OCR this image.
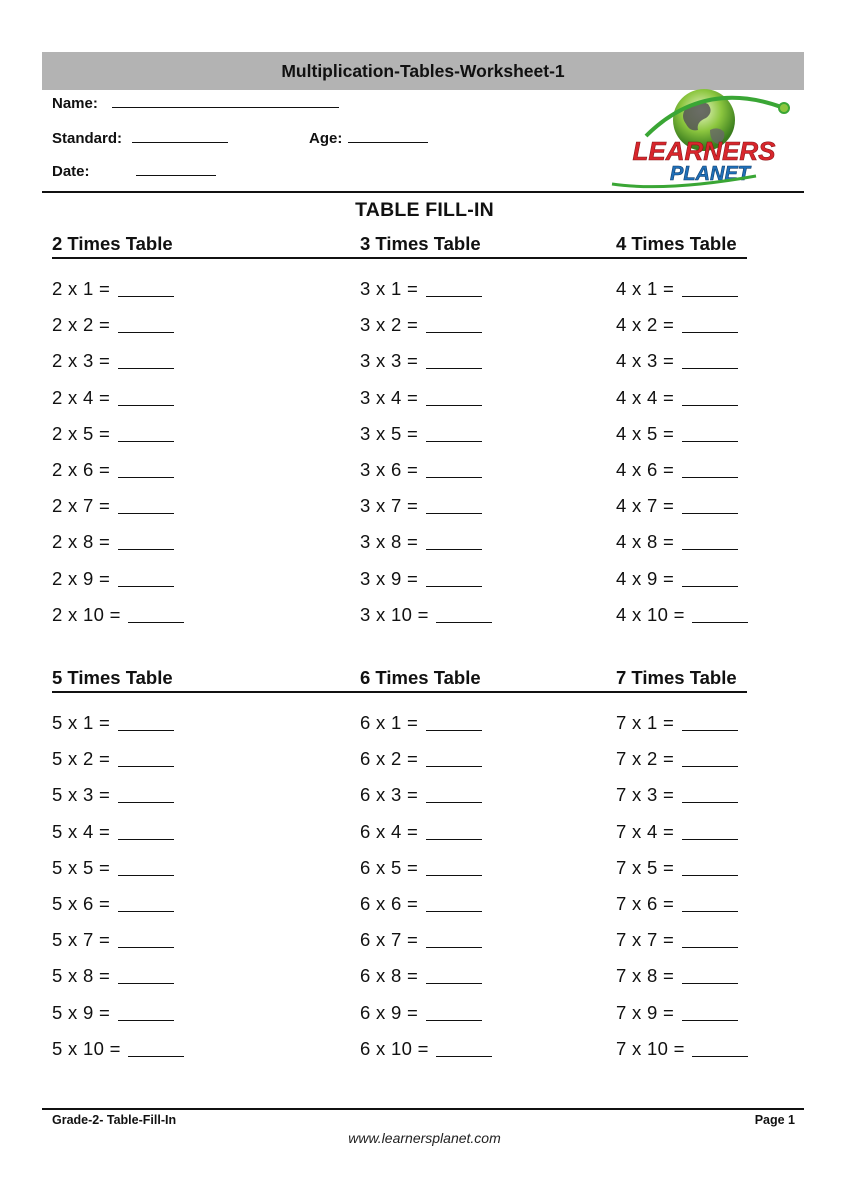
Multiplication-Tables-Worksheet-1
Name:
Standard:	Age:
Date:
LEARNERS
PLANET
TABLE FILL-IN
2 Times Table
2 x 1 =
2 x 2 =
2 x 3 =
2 x 4 =
2 x 5 =
2 x 6 =
2 x 7 =
2 x 8 =
2 x 9 =
2 x 10 =
3 Times Table
3 x 1 =
3 x 2 =
3 x 3 =
3 x 4 =
3 x 5 =
3 x 6 =
3 x 7 =
3 x 8 =
3 x 9 =
3 x 10 =
4 Times Table
4 x 1 =
4 x 2 =
4 x 3 =
4 x 4 =
4 x 5 =
4 x 6 =
4 x 7 =
4 x 8 =
4 x 9 =
4 x 10 =
5 Times Table
5 x 1 =
5 x 2 =
5 x 3 =
5 x 4 =
5 x 5 =
5 x 6 =
5 x 7 =
5 x 8 =
5 x 9 =
5 x 10 =
6 Times Table
6 x 1 =
6 x 2 =
6 x 3 =
6 x 4 =
6 x 5 =
6 x 6 =
6 x 7 =
6 x 8 =
6 x 9 =
6 x 10 =
7 Times Table
7 x 1 =
7 x 2 =
7 x 3 =
7 x 4 =
7 x 5 =
7 x 6 =
7 x 7 =
7 x 8 =
7 x 9 =
7 x 10 =
Grade-2- Table-Fill-In	Page 1
www.learnersplanet.com
